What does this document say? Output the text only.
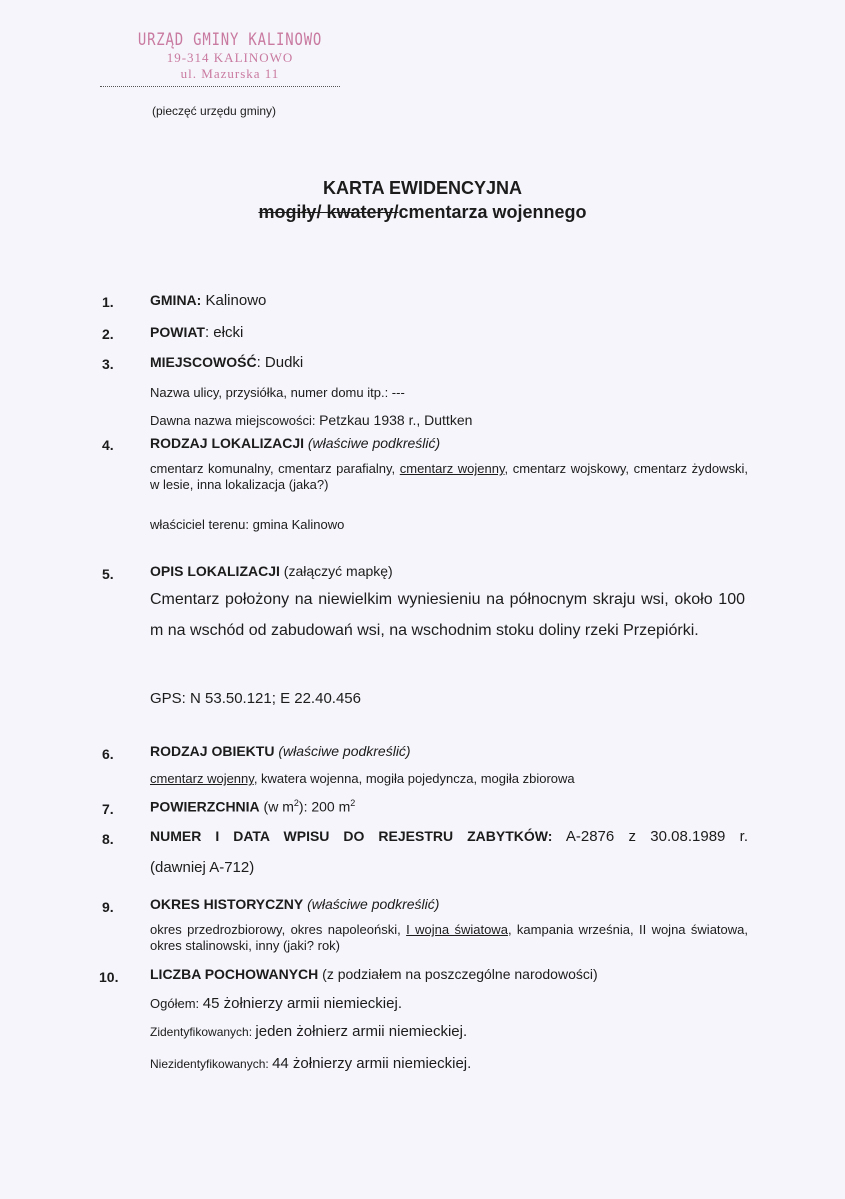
URZĄD GMINY KALINOWO
19-314 KALINOWO
ul. Mazurska 11
(pieczęć urzędu gminy)
KARTA EWIDENCYJNA
mogiły/ kwatery/cmentarza wojennego
1.	GMINA: Kalinowo
2.	POWIAT: ełcki
3.	MIEJSCOWOŚĆ: Dudki
Nazwa ulicy, przysiółka, numer domu itp.: ---
Dawna nazwa miejscowości: Petzkau 1938 r., Duttken
4.	RODZAJ LOKALIZACJI (właściwe podkreślić)
cmentarz komunalny, cmentarz parafialny, cmentarz wojenny, cmentarz wojskowy, cmentarz żydowski, w lesie, inna lokalizacja (jaka?)
właściciel terenu: gmina Kalinowo
5.	OPIS LOKALIZACJI (załączyć mapkę)
Cmentarz położony na niewielkim wyniesieniu na północnym skraju wsi, około 100 m na wschód od zabudowań wsi, na wschodnim stoku doliny rzeki Przepiórki.
GPS: N 53.50.121; E 22.40.456
6.	RODZAJ OBIEKTU (właściwe podkreślić)
cmentarz wojenny, kwatera wojenna, mogiła pojedyncza, mogiła zbiorowa
7.	POWIERZCHNIA (w $m^2$): 200 $m^2$
8.	NUMER I DATA WPISU DO REJESTRU ZABYTKÓW: A-2876 z 30.08.1989 r.
(dawniej A-712)
9.	OKRES HISTORYCZNY (właściwe podkreślić)
okres przedrozbiorowy, okres napoleoński, I wojna światowa, kampania września, II wojna światowa, okres stalinowski, inny (jaki? rok)
10. LICZBA POCHOWANYCH (z podziałem na poszczególne narodowości)
Ogółem: 45 żołnierzy armii niemieckiej.
Zidentyfikowanych: jeden żołnierz armii niemieckiej.
Niezidentyfikowanych: 44 żołnierzy armii niemieckiej.
